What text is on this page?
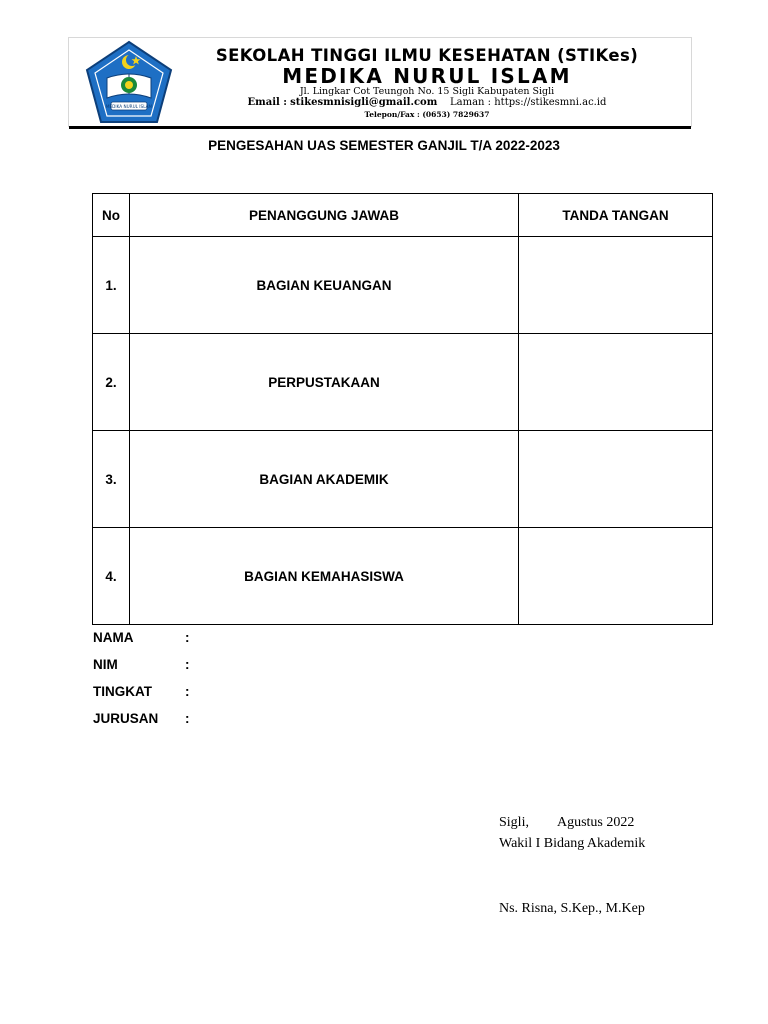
MEDIKA NURUL ISLAM
SEKOLAH TINGGI ILMU KESEHATAN (STIKes)
MEDIKA NURUL ISLAM
Jl. Lingkar Cot Teungoh No. 15 Sigli Kabupaten Sigli
Email : stikesmnisigli@gmail.com Laman : https://stikesmni.ac.id
Telepon/Fax : (0653) 7829637
PENGESAHAN UAS SEMESTER GANJIL T/A 2022-2023
No	PENANGGUNG JAWAB	TANDA TANGAN
1.	BAGIAN KEUANGAN	
2.	PERPUSTAKAAN	
3.	BAGIAN AKADEMIK	
4.	BAGIAN KEMAHASISWA	
NAMA	:
NIM	:
TINGKAT	:
JURUSAN	:
Sigli, Agustus 2022
Wakil I Bidang Akademik
Ns. Risna, S.Kep., M.Kep
